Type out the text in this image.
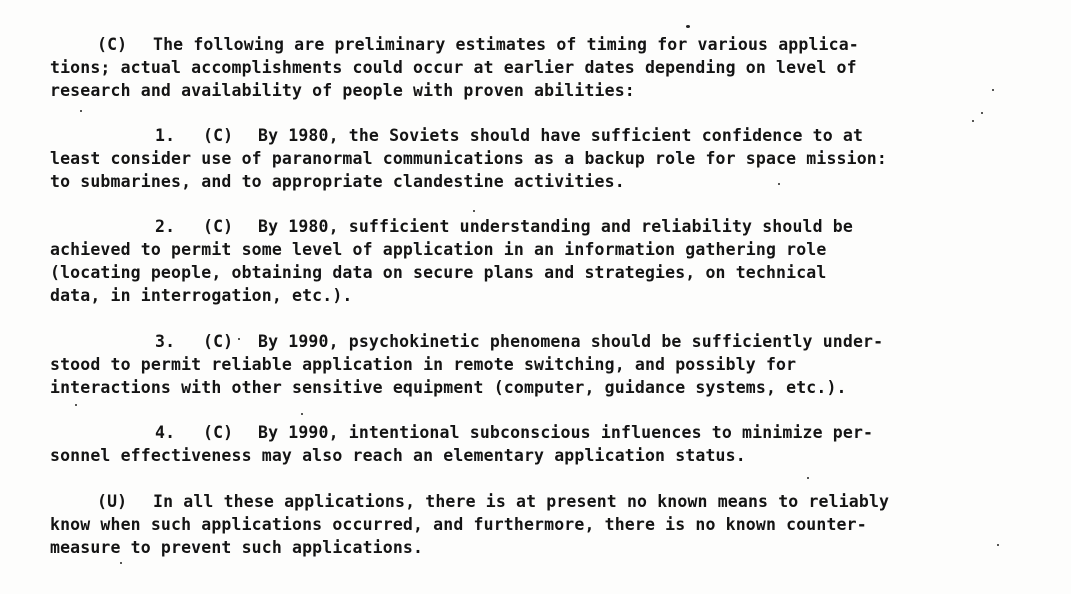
(C) The following are preliminary estimates of timing for various applica-
tions; actual accomplishments could occur at earlier dates depending on level of
research and availability of people with proven abilities:
1. (C) By 1980, the Soviets should have sufficient confidence to at
least consider use of paranormal communications as a backup role for space mission:
to submarines, and to appropriate clandestine activities.
2. (C) By 1980, sufficient understanding and reliability should be
achieved to permit some level of application in an information gathering role
(locating people, obtaining data on secure plans and strategies, on technical
data, in interrogation, etc.).
3. (C) By 1990, psychokinetic phenomena should be sufficiently under-
stood to permit reliable application in remote switching, and possibly for
interactions with other sensitive equipment (computer, guidance systems, etc.).
4. (C) By 1990, intentional subconscious influences to minimize per-
sonnel effectiveness may also reach an elementary application status.
(U) In all these applications, there is at present no known means to reliably
know when such applications occurred, and furthermore, there is no known counter-
measure to prevent such applications.
